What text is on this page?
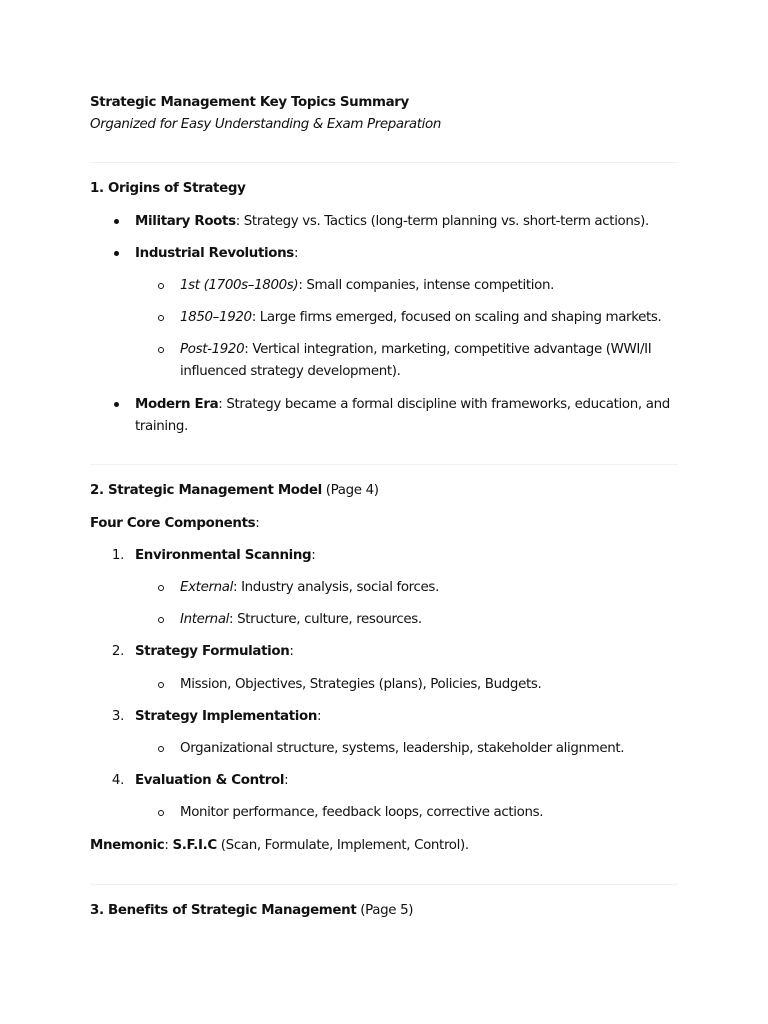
Strategic Management Key Topics Summary
Organized for Easy Understanding & Exam Preparation
1. Origins of Strategy
Military Roots: Strategy vs. Tactics (long-term planning vs. short-term actions).
Industrial Revolutions:
1st (1700s–1800s): Small companies, intense competition.
1850–1920: Large firms emerged, focused on scaling and shaping markets.
Post-1920: Vertical integration, marketing, competitive advantage (WWI/II
influenced strategy development).
Modern Era: Strategy became a formal discipline with frameworks, education, and
training.
2. Strategic Management Model (Page 4)
Four Core Components:
1. Environmental Scanning:
External: Industry analysis, social forces.
Internal: Structure, culture, resources.
2. Strategy Formulation:
Mission, Objectives, Strategies (plans), Policies, Budgets.
3. Strategy Implementation:
Organizational structure, systems, leadership, stakeholder alignment.
4. Evaluation & Control:
Monitor performance, feedback loops, corrective actions.
Mnemonic: S.F.I.C (Scan, Formulate, Implement, Control).
3. Benefits of Strategic Management (Page 5)
